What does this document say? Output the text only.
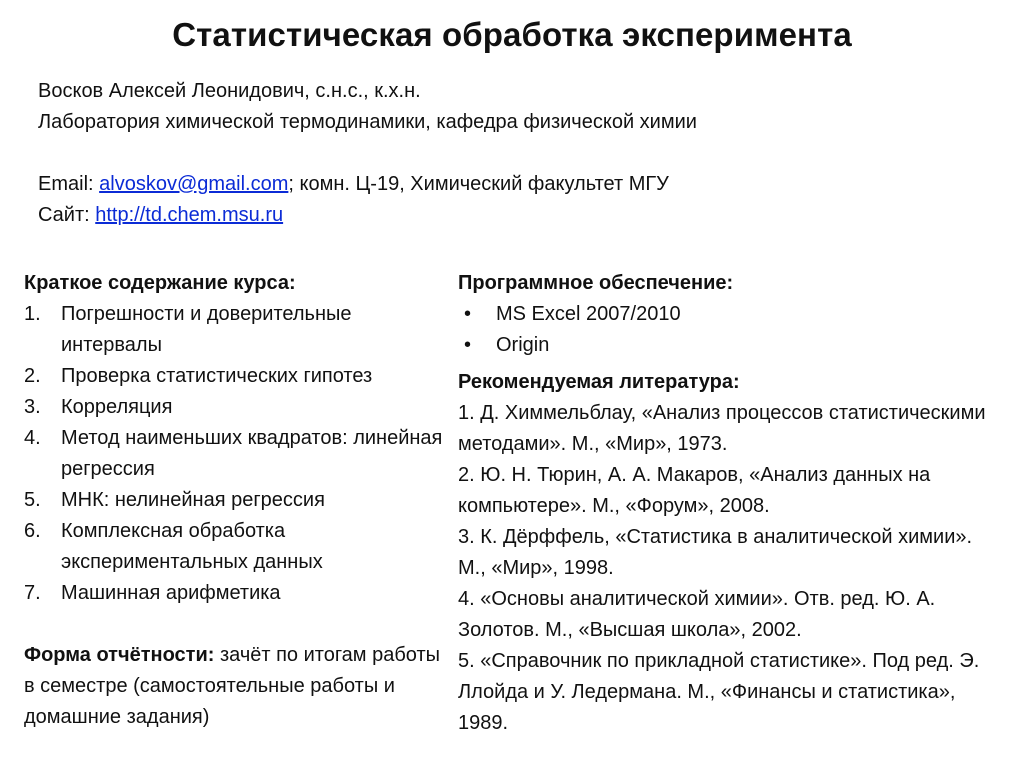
Статистическая обработка эксперимента
Восков Алексей Леонидович, с.н.с., к.х.н.
Лаборатория химической термодинамики, кафедра физической химии
Email: alvoskov@gmail.com; комн. Ц-19, Химический факультет МГУ
Сайт: http://td.chem.msu.ru
Краткое содержание курса:
1.	Погрешности и доверительные интервалы
2.	Проверка статистических гипотез
3.	Корреляция
4.	Метод наименьших квадратов: линейная регрессия
5.	МНК: нелинейная регрессия
6.	Комплексная обработка экспериментальных данных
7.	Машинная арифметика
Форма отчётности: зачёт по итогам работы в семестре (самостоятельные работы и домашние задания)
Программное обеспечение:
•	MS Excel 2007/2010
•	Origin
Рекомендуемая литература:

1. Д. Химмельблау, «Анализ процессов статистическими методами». М., «Мир», 1973.

2. Ю. Н. Тюрин, А. А. Макаров, «Анализ данных на компьютере». М., «Форум», 2008.

3. К. Дёрффель, «Статистика в аналитической химии». М., «Мир», 1998.

4. «Основы аналитической химии». Отв. ред. Ю. А. Золотов. М., «Высшая школа», 2002.

5. «Справочник по прикладной статистике». Под ред. Э. Ллойда и У. Ледермана. М., «Финансы и статистика», 1989.
